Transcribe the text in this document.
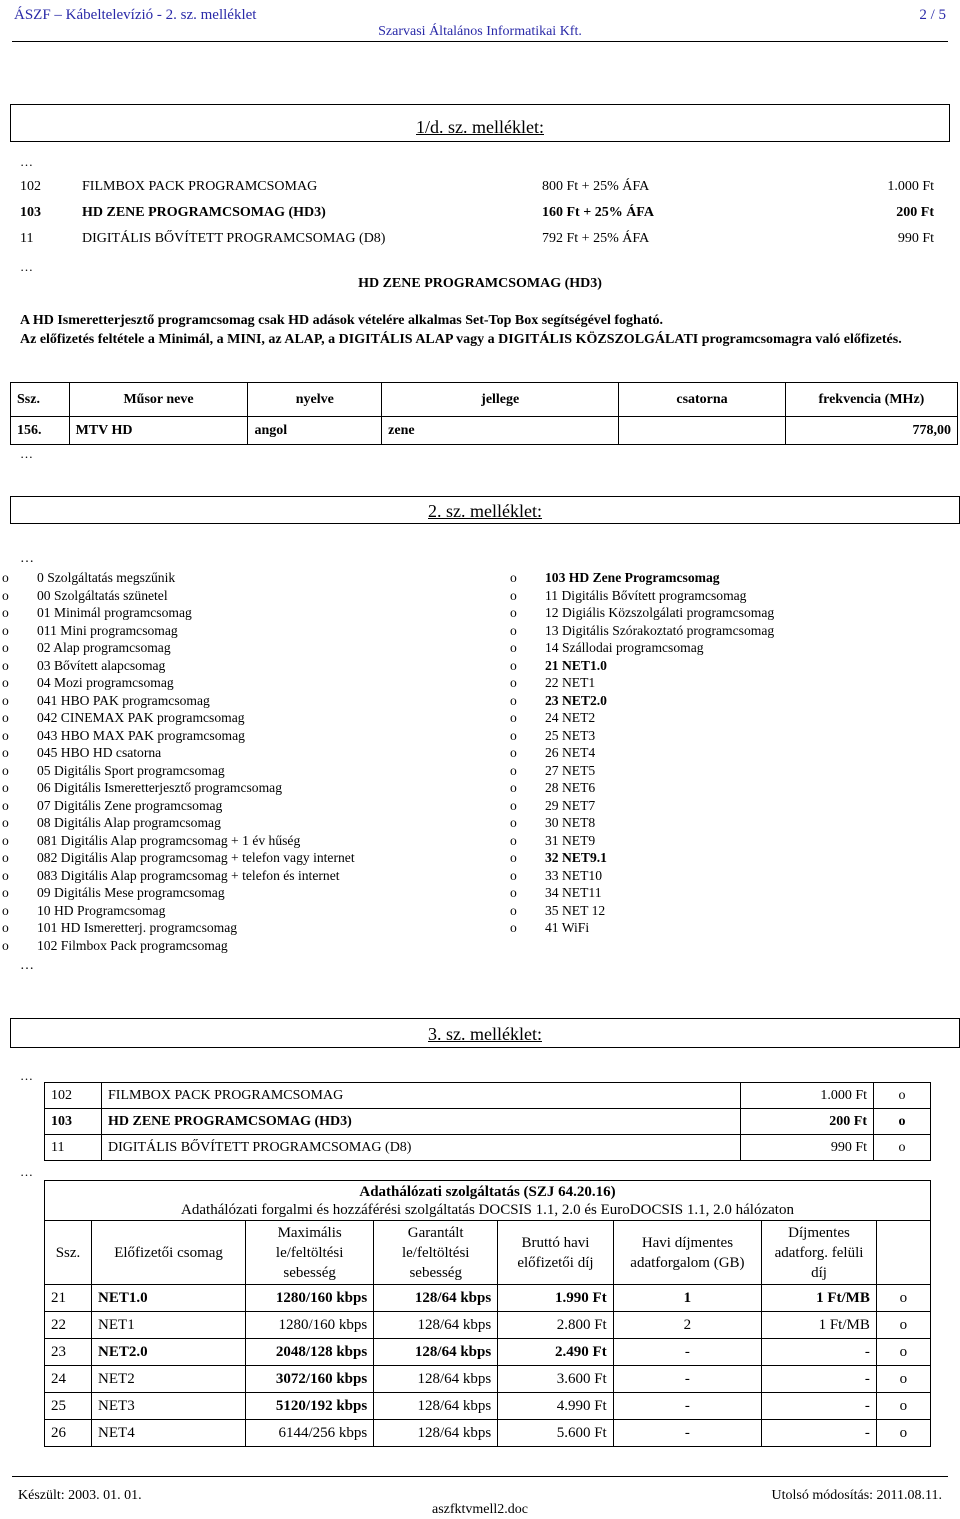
ÁSZF – Kábeltelevízió - 2. sz. melléklet
Szarvasi Általános Informatikai Kft.
2 / 5
1/d. sz. melléklet:
…
102	FILMBOX PACK PROGRAMCSOMAG	800 Ft + 25% ÁFA	1.000 Ft
103	HD ZENE PROGRAMCSOMAG (HD3)	160 Ft + 25% ÁFA	200 Ft
11	DIGITÁLIS BŐVÍTETT PROGRAMCSOMAG (D8)	792 Ft + 25% ÁFA	990 Ft
…
HD ZENE PROGRAMCSOMAG (HD3)
A HD Ismeretterjesztő programcsomag csak HD adások vételére alkalmas Set-Top Box segítségével fogható.
Az előfizetés feltétele a Minimál, a MINI, az ALAP, a DIGITÁLIS ALAP vagy a DIGITÁLIS KÖZSZOLGÁLATI programcsomagra való előfizetés.
Ssz.	Műsor neve	nyelve	jellege	csatorna	frekvencia (MHz)
156.	MTV HD	angol	zene		778,00
…
2. sz. melléklet:
…
o	0 Szolgáltatás megszűnik
o	00 Szolgáltatás szünetel
o	01 Minimál programcsomag
o	011 Mini programcsomag
o	02 Alap programcsomag
o	03 Bővített alapcsomag
o	04 Mozi programcsomag
o	041 HBO PAK programcsomag
o	042 CINEMAX PAK programcsomag
o	043 HBO MAX PAK programcsomag
o	045 HBO HD csatorna
o	05 Digitális Sport programcsomag
o	06 Digitális Ismeretterjesztő programcsomag
o	07 Digitális Zene programcsomag
o	08 Digitális Alap programcsomag
o	081 Digitális Alap programcsomag + 1 év hűség
o	082 Digitális Alap programcsomag + telefon vagy internet
o	083 Digitális Alap programcsomag + telefon és internet
o	09 Digitális Mese programcsomag
o	10 HD Programcsomag
o	101 HD Ismeretterj. programcsomag
o	102 Filmbox Pack programcsomag
o	103 HD Zene Programcsomag
o	11 Digitális Bővített programcsomag
o	12 Digiális Közszolgálati programcsomag
o	13 Digitális Szórakoztató programcsomag
o	14 Szállodai programcsomag
o	21 NET1.0
o	22 NET1
o	23 NET2.0
o	24 NET2
o	25 NET3
o	26 NET4
o	27 NET5
o	28 NET6
o	29 NET7
o	30 NET8
o	31 NET9
o	32 NET9.1
o	33 NET10
o	34 NET11
o	35 NET 12
o	41 WiFi
…
3. sz. melléklet:
…
102	FILMBOX PACK PROGRAMCSOMAG	1.000 Ft	o
103	HD ZENE PROGRAMCSOMAG (HD3)	200 Ft	o
11	DIGITÁLIS BŐVÍTETT PROGRAMCSOMAG (D8)	990 Ft	o
…
Adathálózati szolgáltatás (SZJ 64.20.16)
Adathálózati forgalmi és hozzáférési szolgáltatás DOCSIS 1.1, 2.0 és EuroDOCSIS 1.1, 2.0 hálózaton							

Ssz.	Előfizetői csomag	Maximális le/feltöltési sebesség	Garantált le/feltöltési sebesség	Bruttó havi előfizetői díj	Havi díjmentes adatforgalom (GB)	Díjmentes adatforg. felüli díj	
21	NET1.0	1280/160 kbps	128/64 kbps	1.990 Ft	1	1 Ft/MB	o
22	NET1	1280/160 kbps	128/64 kbps	2.800 Ft	2	1 Ft/MB	o
23	NET2.0	2048/128 kbps	128/64 kbps	2.490 Ft	-	-	o
24	NET2	3072/160 kbps	128/64 kbps	3.600 Ft	-	-	o
25	NET3	5120/192 kbps	128/64 kbps	4.990 Ft	-	-	o
26	NET4	6144/256 kbps	128/64 kbps	5.600 Ft	-	-	o
Készült: 2003. 01. 01.	Utolsó módosítás: 2011.08.11.
aszfktvmell2.doc
